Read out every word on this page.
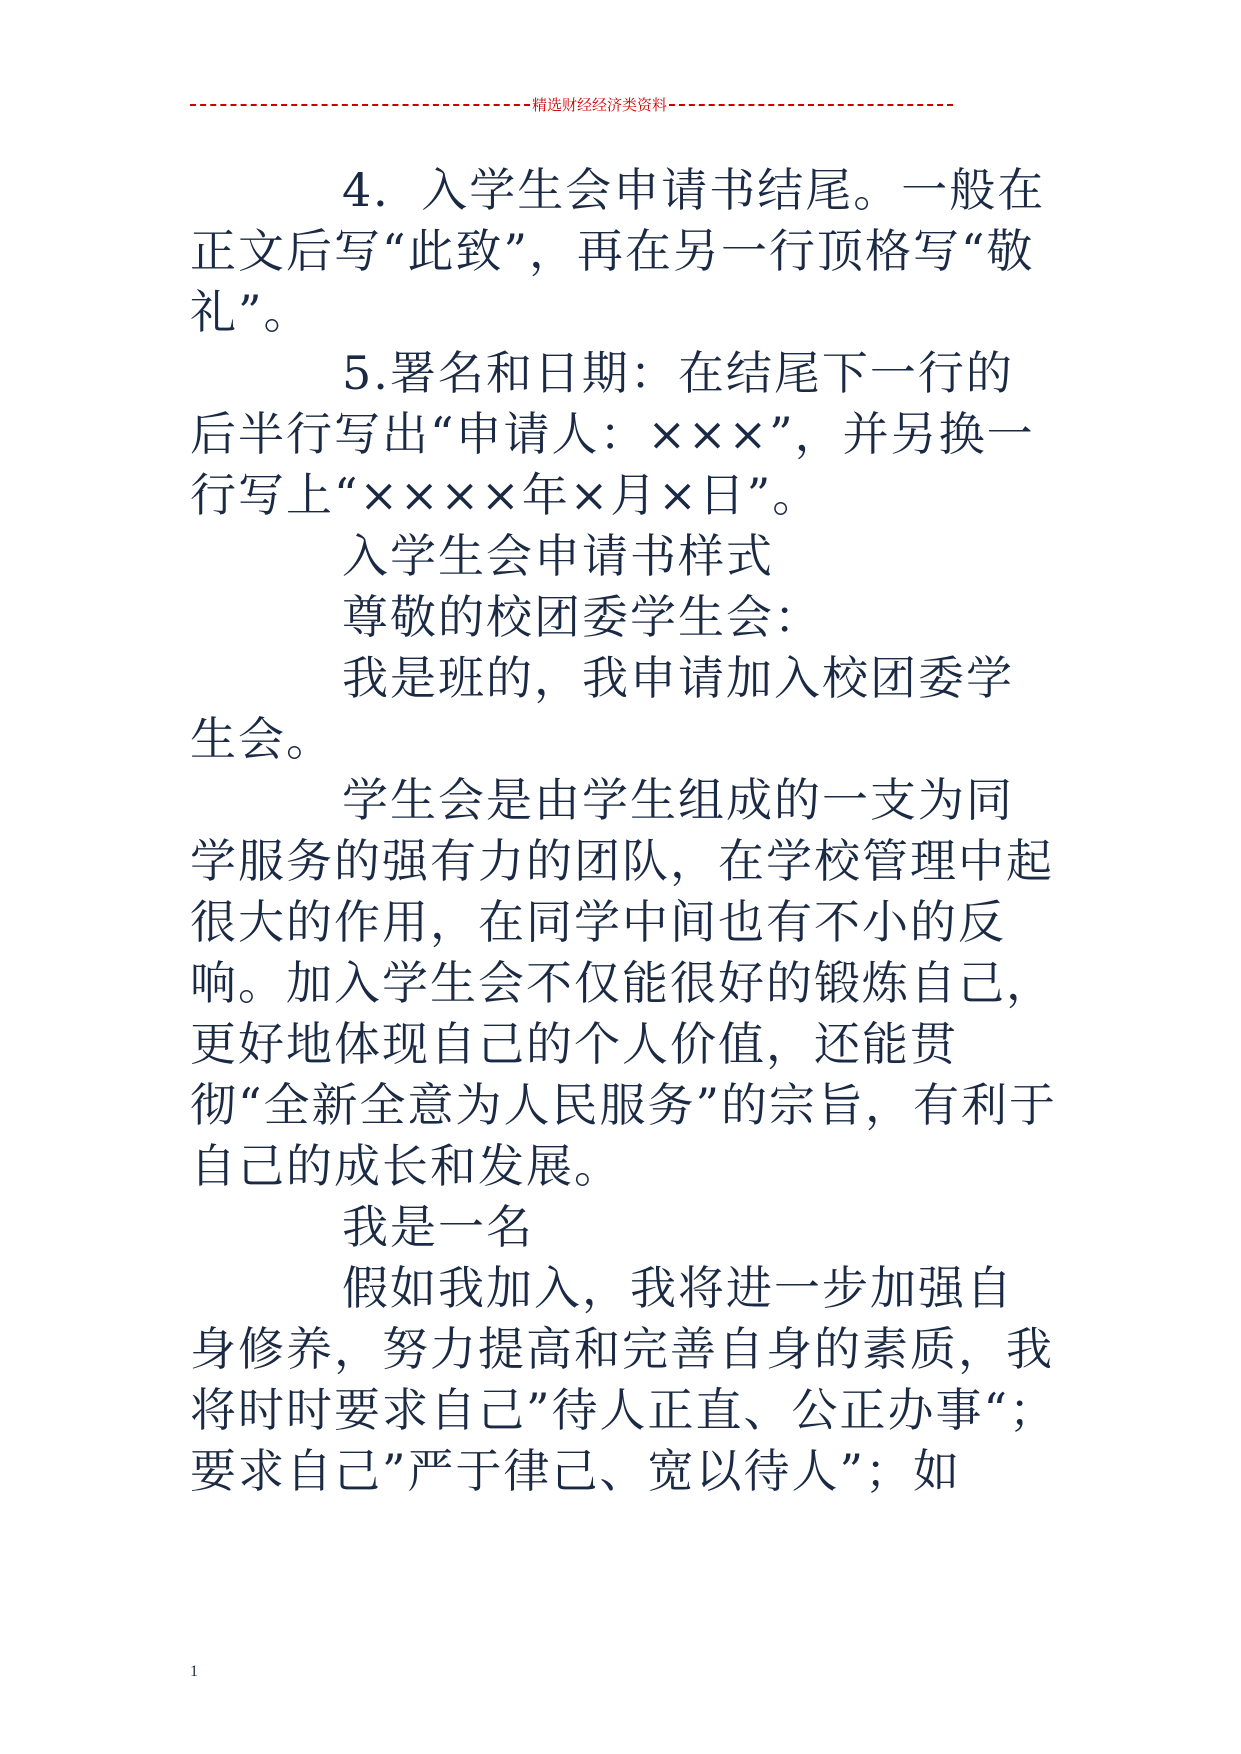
精选财经经济类资料

4．入学生会申请书结尾。一般在正文后写“此致”，再在另一行顶格写“敬礼”。

5.署名和日期：在结尾下一行的后半行写出“申请人：×××”，并另换一行写上“××××年×月×日”。

入学生会申请书样式

尊敬的校团委学生会：

我是班的，我申请加入校团委学生会。

学生会是由学生组成的一支为同学服务的强有力的团队，在学校管理中起很大的作用，在同学中间也有不小的反响。加入学生会不仅能很好的锻炼自己，更好地体现自己的个人价值，还能贯彻“全新全意为人民服务”的宗旨，有利于自己的成长和发展。

我是一名

假如我加入，我将进一步加强自身修养，努力提高和完善自身的素质，我将时时要求自己”待人正直、公正办事“；要求自己”严于律己、宽以待人”；如

1
